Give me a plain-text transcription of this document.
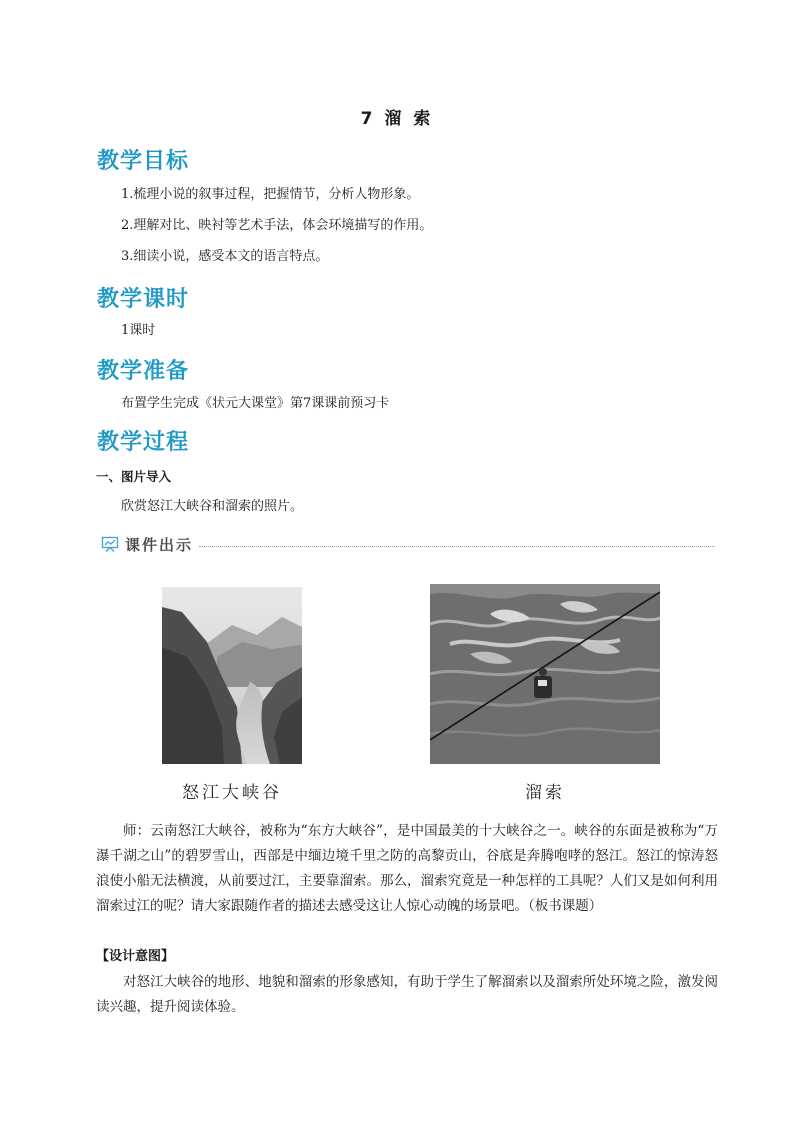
7 溜 索
教学目标
1.梳理小说的叙事过程，把握情节，分析人物形象。
2.理解对比、映衬等艺术手法，体会环境描写的作用。
3.细读小说，感受本文的语言特点。
教学课时
1课时
教学准备
布置学生完成《状元大课堂》第7课课前预习卡
教学过程
一、图片导入
欣赏怒江大峡谷和溜索的照片。
课件出示
怒江大峡谷	溜索

师：云南怒江大峡谷，被称为“东方大峡谷”，是中国最美的十大峡谷之一。峡谷的东面是被称为“万瀑千湖之山”的碧罗雪山，西部是中缅边境千里之防的高黎贡山，谷底是奔腾咆哮的怒江。怒江的惊涛怒浪使小船无法横渡，从前要过江，主要靠溜索。那么，溜索究竟是一种怎样的工具呢？人们又是如何利用溜索过江的呢？请大家跟随作者的描述去感受这让人惊心动魄的场景吧。（板书课题）

【设计意图】

对怒江大峡谷的地形、地貌和溜索的形象感知，有助于学生了解溜索以及溜索所处环境之险，激发阅读兴趣，提升阅读体验。
